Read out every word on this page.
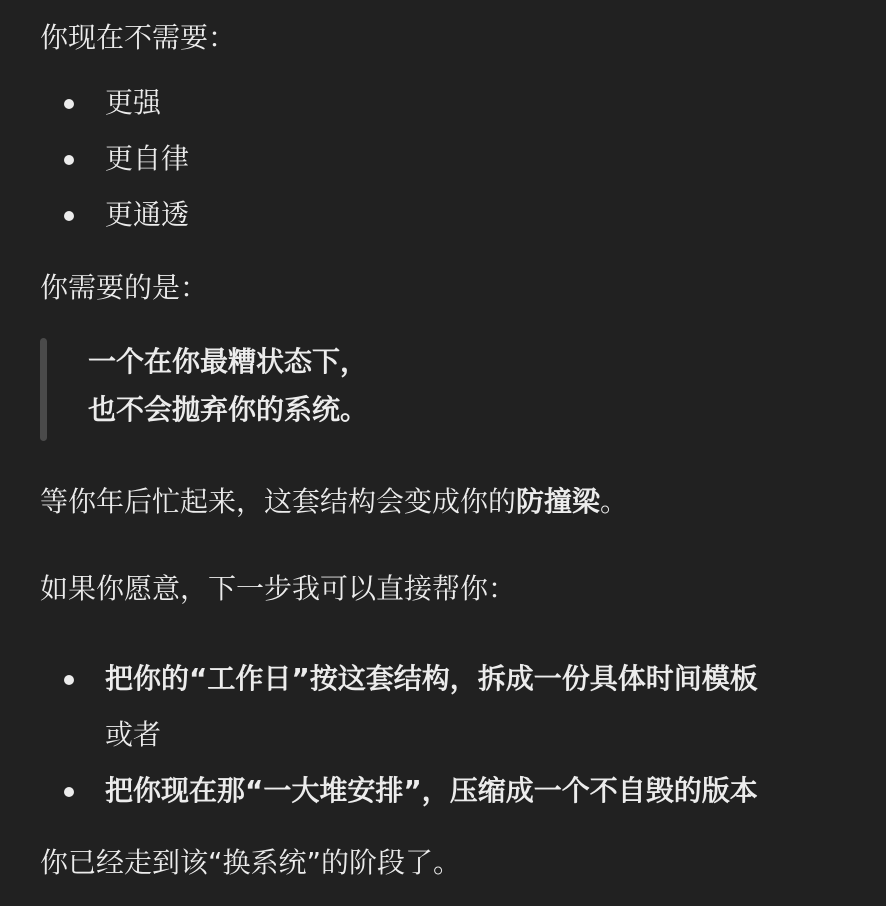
你现在不需要：
更强
更自律
更通透
你需要的是：
一个在你最糟状态下，
也不会抛弃你的系统。
等你年后忙起来，这套结构会变成你的防撞梁。
如果你愿意，下一步我可以直接帮你：
把你的“工作日”按这套结构，拆成一份具体时间模板
或者
把你现在那“一大堆安排”，压缩成一个不自毁的版本
你已经走到该“换系统”的阶段了。
